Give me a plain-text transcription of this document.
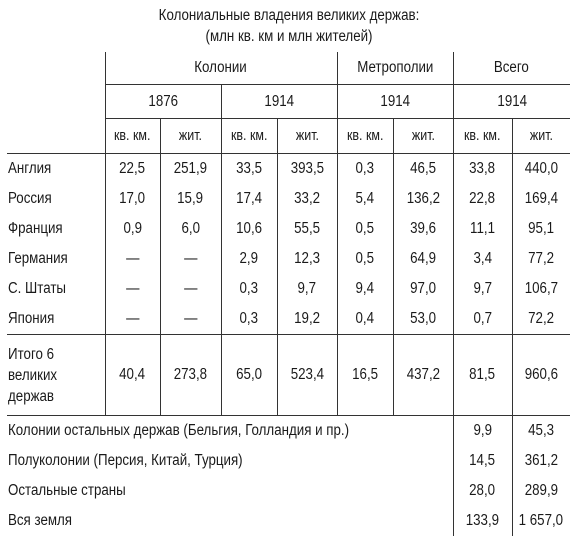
Колониальные владения великих держав:
(млн кв. км и млн жителей)
	Колонии				Метрополии		Всего	
	1876		1914		1914		1914	
	кв. км.	жит.	кв. км.	жит.	кв. км.	жит.	кв. км.	жит.
Англия	22,5	251,9	33,5	393,5	0,3	46,5	33,8	440,0
Россия	17,0	15,9	17,4	33,2	5,4	136,2	22,8	169,4
Франция	0,9	6,0	10,6	55,5	0,5	39,6	11,1	95,1
Германия	—	—	2,9	12,3	0,5	64,9	3,4	77,2
С. Штаты	—	—	0,3	9,7	9,4	97,0	9,7	106,7
Япония	—	—	0,3	19,2	0,4	53,0	0,7	72,2
Итого 6 великих держав	40,4	273,8	65,0	523,4	16,5	437,2	81,5	960,6
Колонии остальных держав (Бельгия, Голландия и пр.)							9,9	45,3
Полуколонии (Персия, Китай, Турция)							14,5	361,2
Остальные страны							28,0	289,9
Вся земля							133,9	1 657,0
